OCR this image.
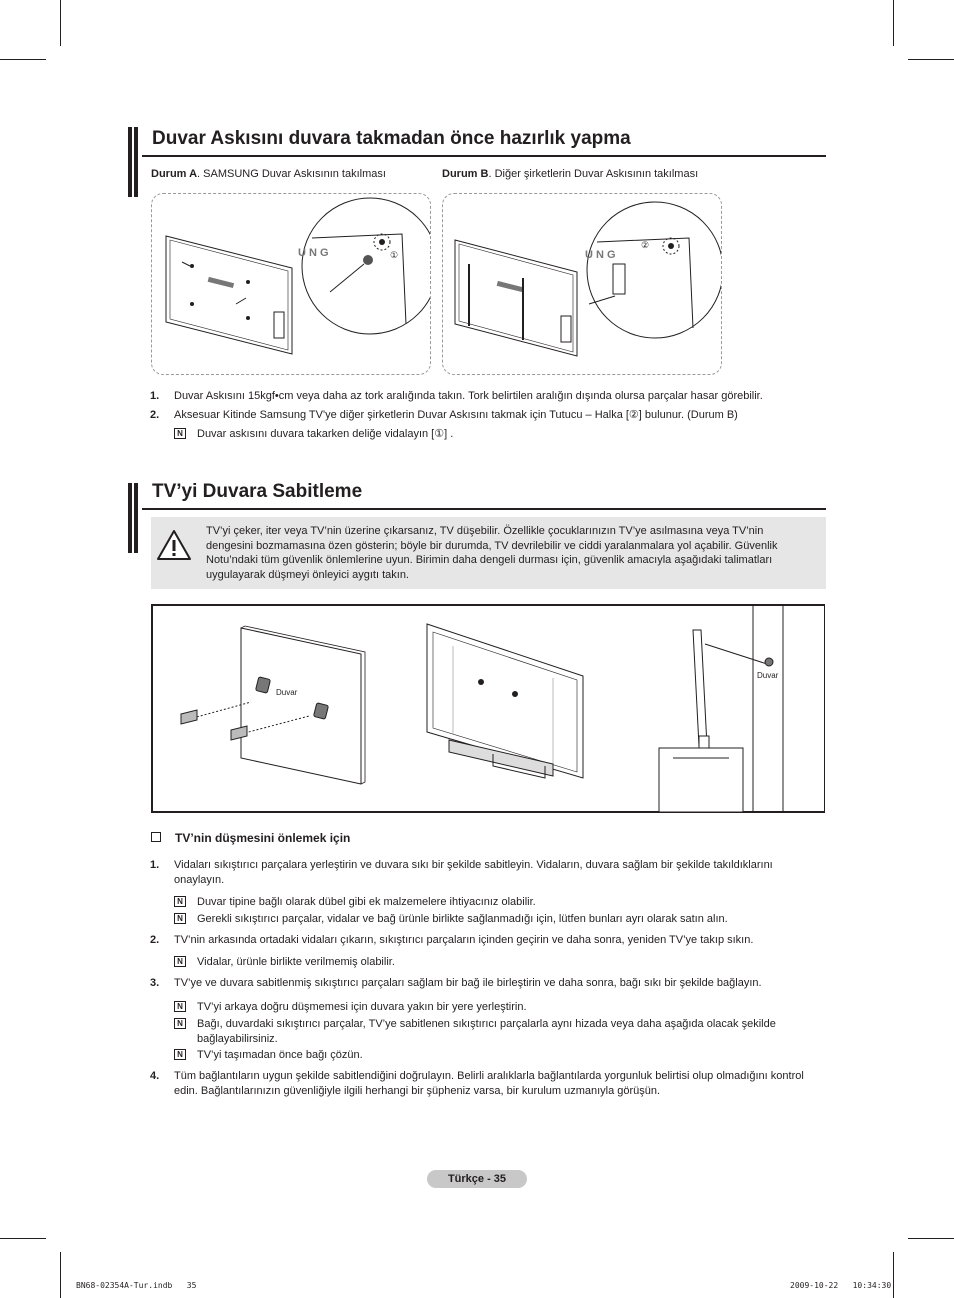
Duvar Askısını duvara takmadan önce hazırlık yapma
Durum A. SAMSUNG Duvar Askısının takılması	Durum B. Diğer şirketlerin Duvar Askısının takılması
U N G	①	U N G
②
1. Duvar Askısını 15kgf•cm veya daha az tork aralığında takın. Tork belirtilen aralığın dışında olursa parçalar hasar görebilir.
2. Aksesuar Kitinde Samsung TV'ye diğer şirketlerin Duvar Askısını takmak için Tutucu – Halka [②] bulunur. (Durum B)
N Duvar askısını duvara takarken deliğe vidalayın [①] .
TV’yi Duvara Sabitleme
TV’yi çeker, iter veya TV’nin üzerine çıkarsanız, TV düşebilir. Özellikle çocuklarınızın TV’ye asılmasına veya TV’nin dengesini bozmamasına özen gösterin; böyle bir durumda, TV devrilebilir ve ciddi yaralanmalara yol açabilir. Güvenlik Notu’ndaki tüm güvenlik önlemlerine uyun. Birimin daha dengeli durması için, güvenlik amacıyla aşağıdaki talimatları uygulayarak düşmeyi önleyici aygıtı takın.
Duvar
Duvar
TV’nin düşmesini önlemek için
1. Vidaları sıkıştırıcı parçalara yerleştirin ve duvara sıkı bir şekilde sabitleyin. Vidaların, duvara sağlam bir şekilde takıldıklarını onaylayın.
N Duvar tipine bağlı olarak dübel gibi ek malzemelere ihtiyacınız olabilir.
N Gerekli sıkıştırıcı parçalar, vidalar ve bağ ürünle birlikte sağlanmadığı için, lütfen bunları ayrı olarak satın alın.
2. TV’nin arkasında ortadaki vidaları çıkarın, sıkıştırıcı parçaların içinden geçirin ve daha sonra, yeniden TV’ye takıp sıkın.
N Vidalar, ürünle birlikte verilmemiş olabilir.
3. TV’ye ve duvara sabitlenmiş sıkıştırıcı parçaları sağlam bir bağ ile birleştirin ve daha sonra, bağı sıkı bir şekilde bağlayın.
N TV’yi arkaya doğru düşmemesi için duvara yakın bir yere yerleştirin.
N Bağı, duvardaki sıkıştırıcı parçalar, TV’ye sabitlenen sıkıştırıcı parçalarla aynı hizada veya daha aşağıda olacak şekilde bağlayabilirsiniz.
N TV’yi taşımadan önce bağı çözün.
4. Tüm bağlantıların uygun şekilde sabitlendiğini doğrulayın. Belirli aralıklarla bağlantılarda yorgunluk belirtisi olup olmadığını kontrol edin. Bağlantılarınızın güvenliğiyle ilgili herhangi bir şüpheniz varsa, bir kurulum uzmanıyla görüşün.
Türkçe - 35
BN68-02354A-Tur.indb   35	2009-10-22   10:34:30
